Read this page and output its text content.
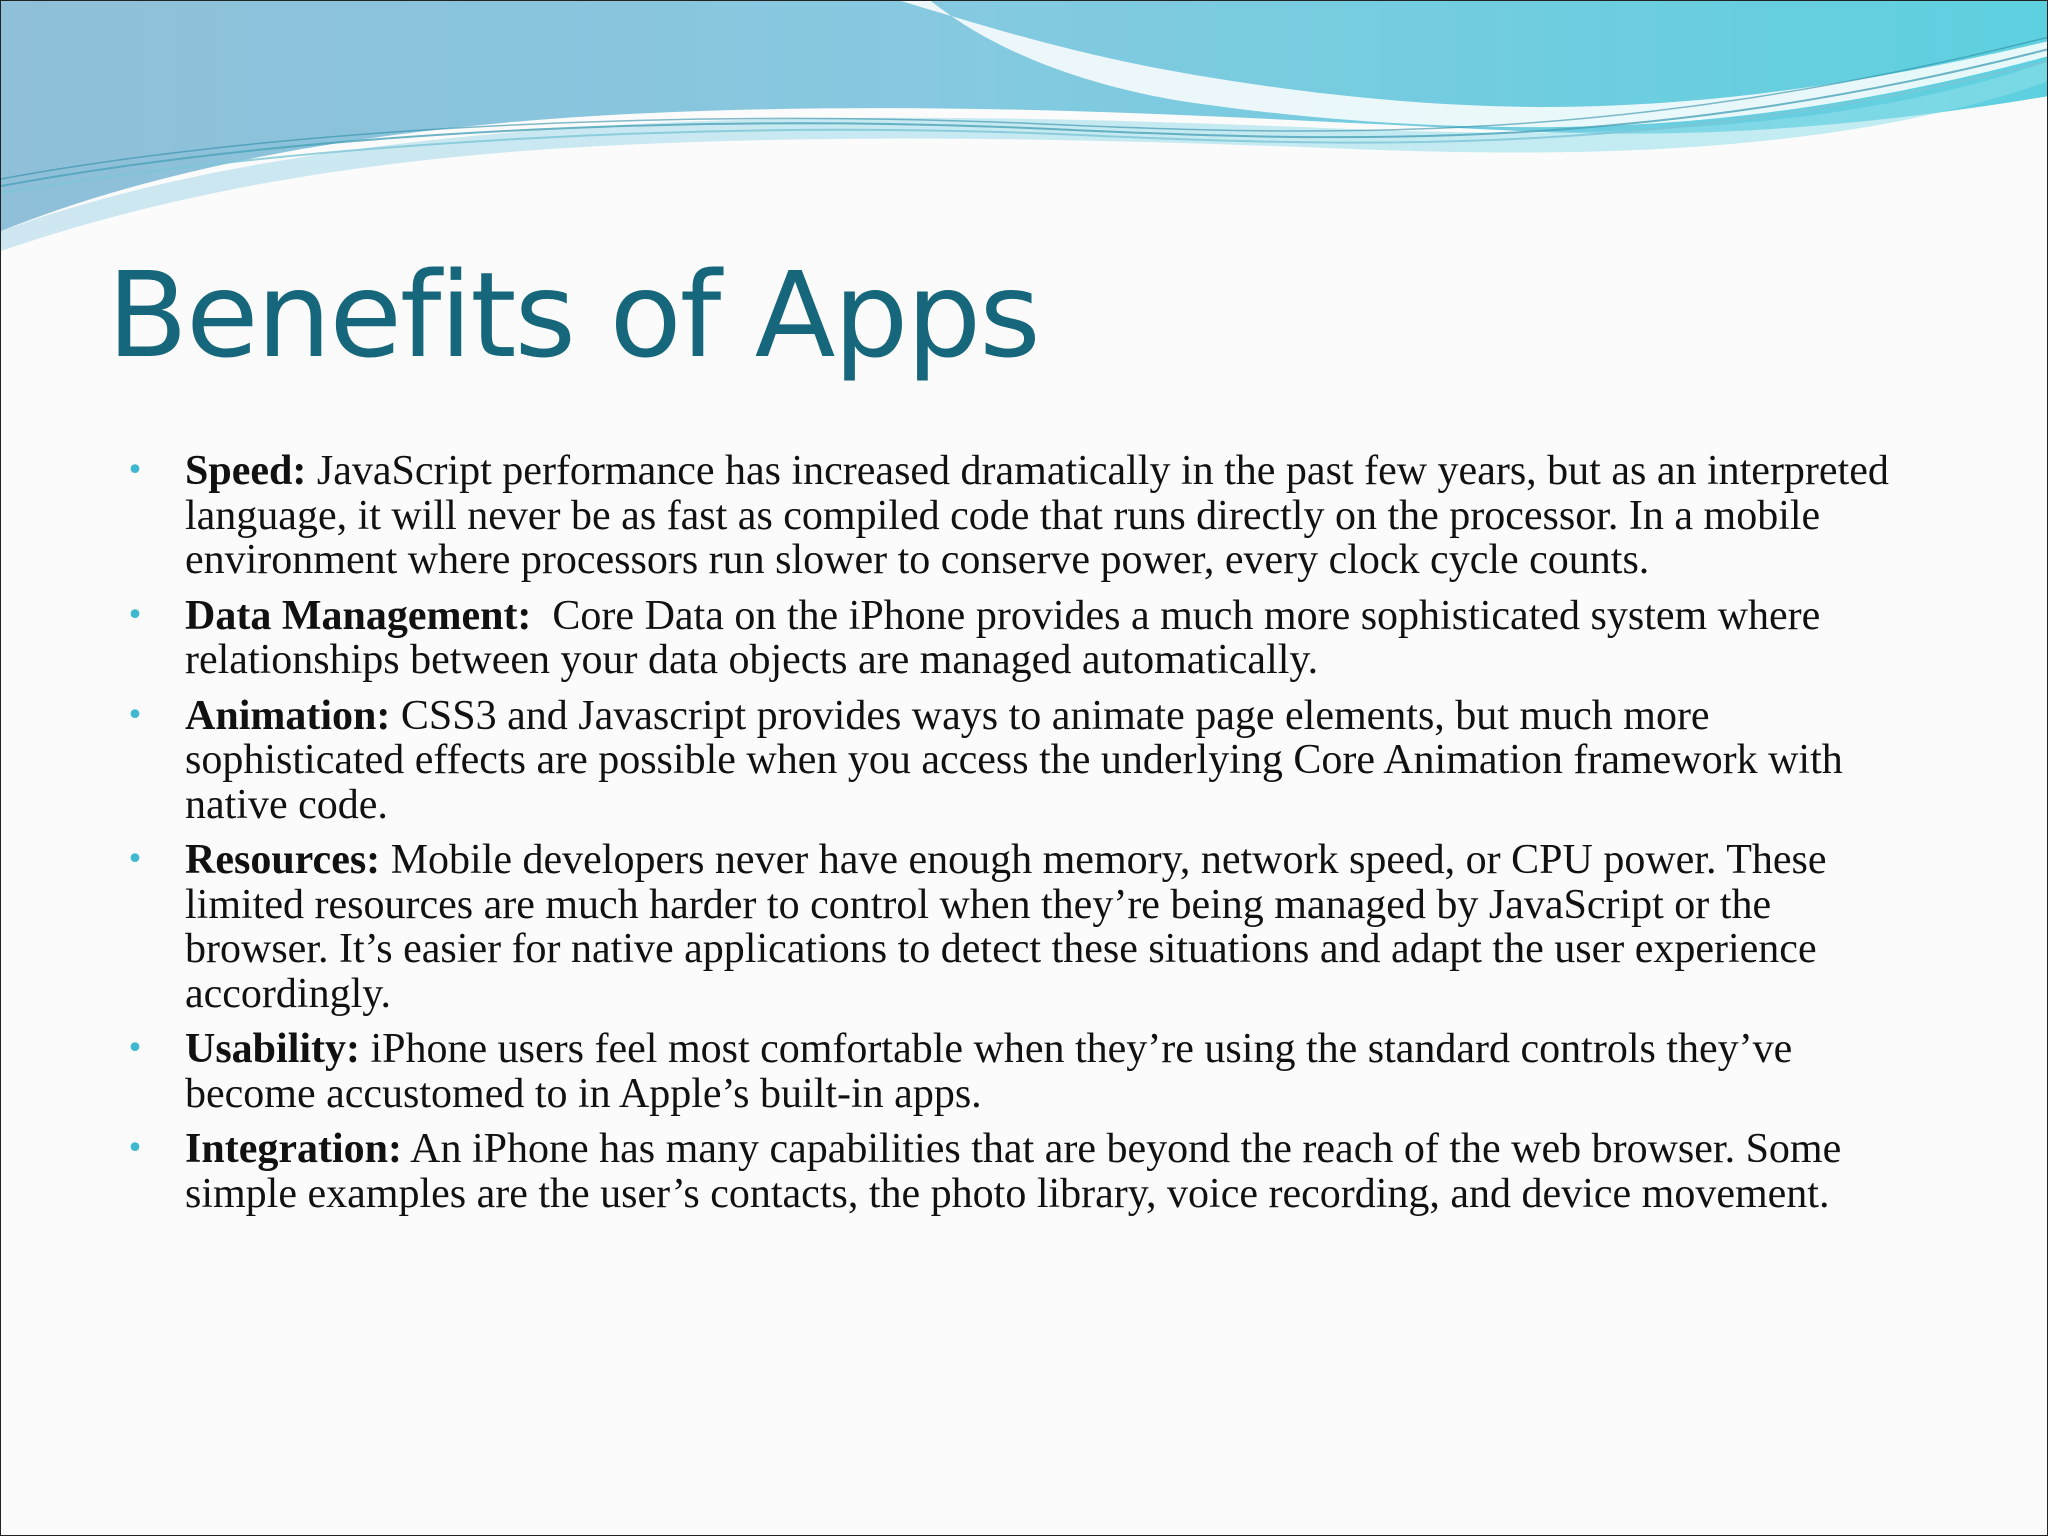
Benefits of Apps
• Speed: JavaScript performance has increased dramatically in the past few years, but as an interpreted language, it will never be as fast as compiled code that runs directly on the processor. In a mobile environment where processors run slower to conserve power, every clock cycle counts.
• Data Management:  Core Data on the iPhone provides a much more sophisticated system where relationships between your data objects are managed automatically.
• Animation: CSS3 and Javascript provides ways to animate page elements, but much more sophisticated effects are possible when you access the underlying Core Animation framework with native code.
• Resources: Mobile developers never have enough memory, network speed, or CPU power. These limited resources are much harder to control when they’re being managed by JavaScript or the browser. It’s easier for native applications to detect these situations and adapt the user experience accordingly.
• Usability: iPhone users feel most comfortable when they’re using the standard controls they’ve become accustomed to in Apple’s built-in apps.
• Integration: An iPhone has many capabilities that are beyond the reach of the web browser. Some simple examples are the user’s contacts, the photo library, voice recording, and device movement.
